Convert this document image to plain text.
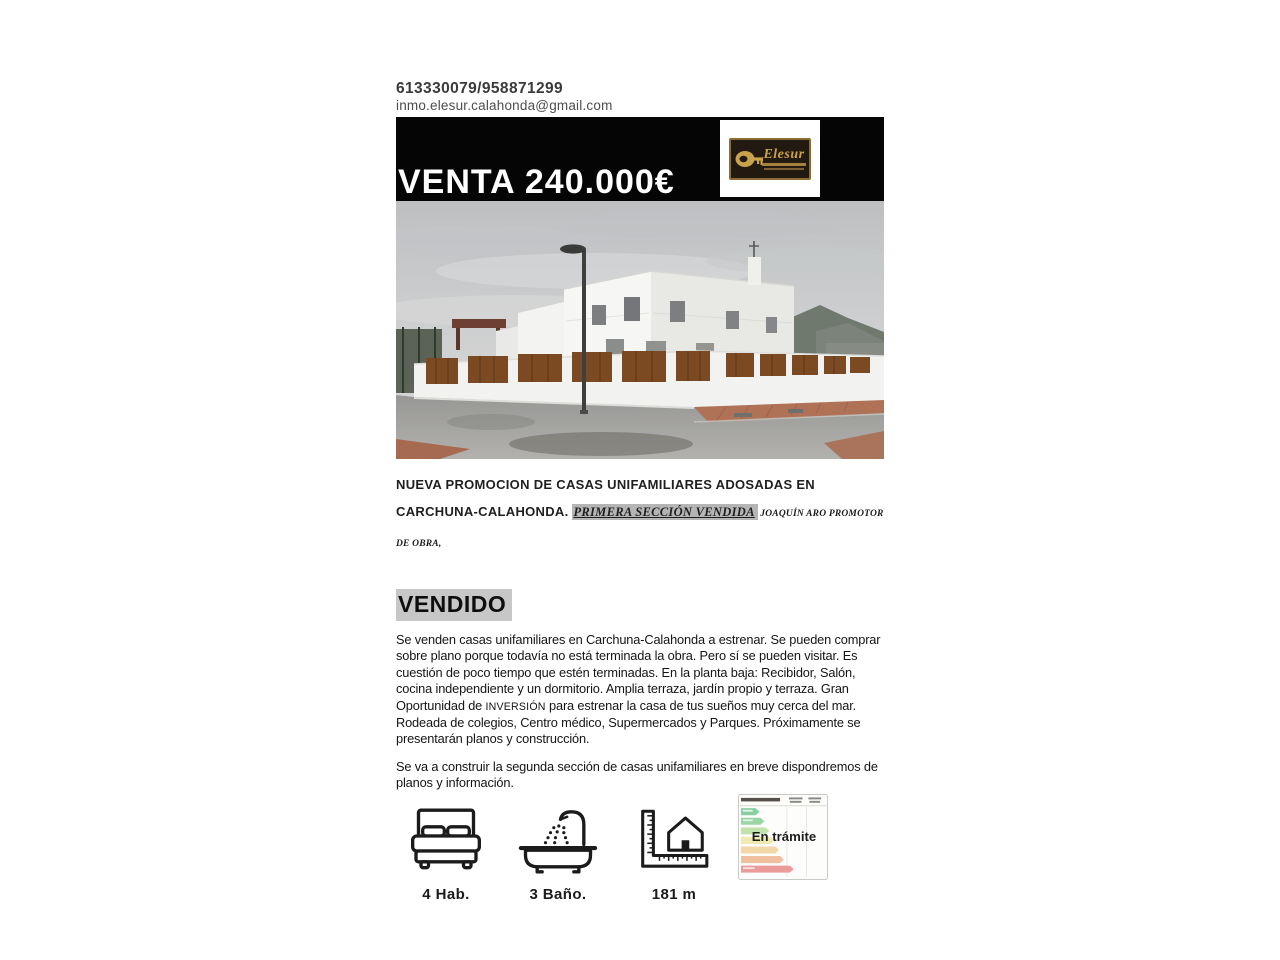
613330079/958871299
inmo.elesur.calahonda@gmail.com
VENTA 240.000€
Elesur
NUEVA PROMOCION DE CASAS UNIFAMILIARES ADOSADAS EN CARCHUNA-CALAHONDA. PRIMERA SECCIÓN VENDIDA JOAQUÍN ARO PROMOTOR DE OBRA,
VENDIDO

Se venden casas unifamiliares en Carchuna-Calahonda a estrenar. Se pueden comprar sobre plano porque todavía no está terminada la obra. Pero sí se pueden visitar. Es cuestión de poco tiempo que estén terminadas. En la planta baja: Recibidor, Salón, cocina independiente y un dormitorio. Amplia terraza, jardín propio y terraza. Gran Oportunidad de INVERSIÓN para estrenar la casa de tus sueños muy cerca del mar. Rodeada de colegios, Centro médico, Supermercados y Parques. Próximamente se presentarán planos y construcción.

Se va a construir la segunda sección de casas unifamiliares en breve dispondremos de planos y información.

4 Hab.	3 Baño.	181 m
En trámite
